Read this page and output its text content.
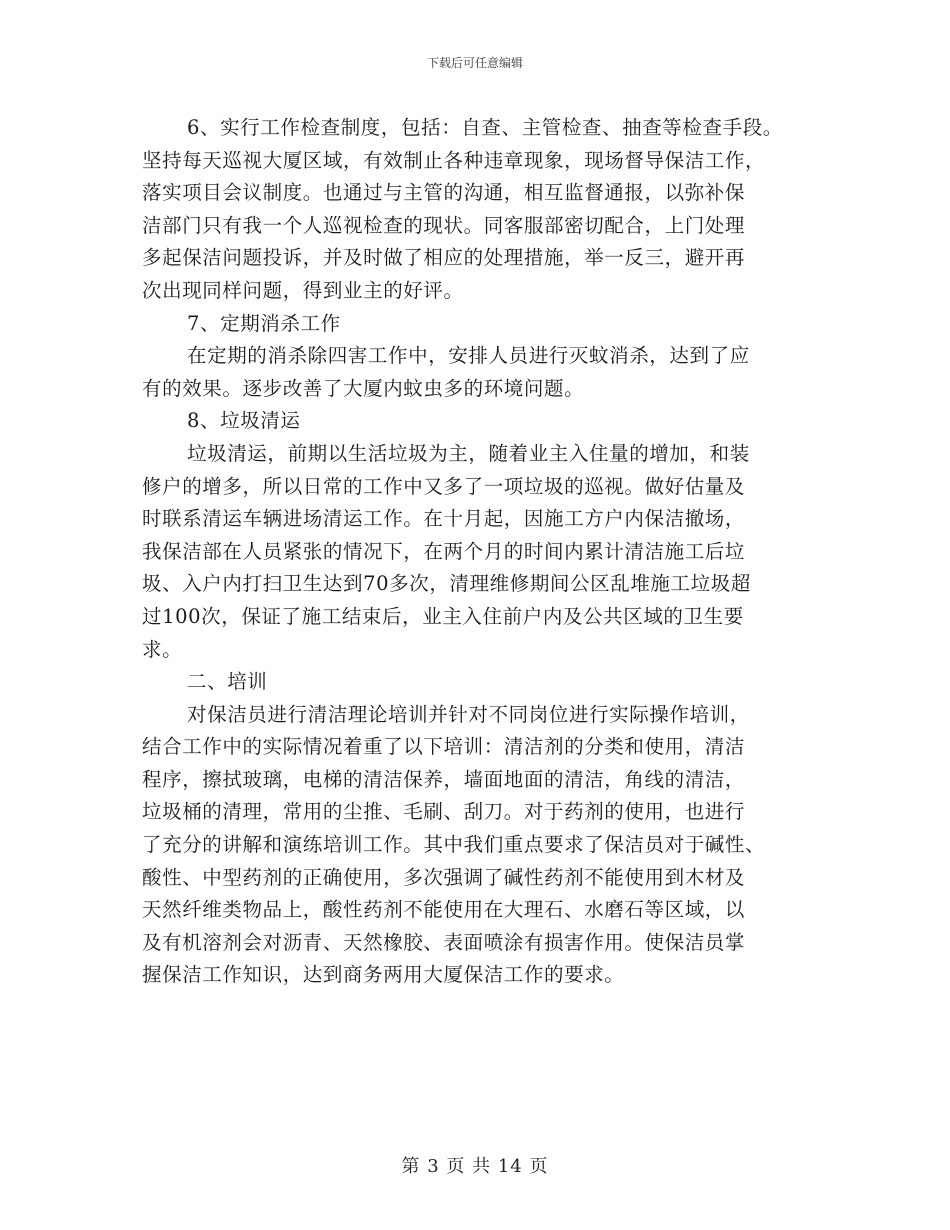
下载后可任意编辑
6、实行工作检查制度，包括：自查、主管检查、抽查等检查手段。
坚持每天巡视大厦区域，有效制止各种违章现象，现场督导保洁工作，
落实项目会议制度。也通过与主管的沟通，相互监督通报，以弥补保
洁部门只有我一个人巡视检查的现状。同客服部密切配合，上门处理
多起保洁问题投诉，并及时做了相应的处理措施，举一反三，避开再
次出现同样问题，得到业主的好评。
7、定期消杀工作
在定期的消杀除四害工作中，安排人员进行灭蚊消杀，达到了应
有的效果。逐步改善了大厦内蚊虫多的环境问题。
8、垃圾清运
垃圾清运，前期以生活垃圾为主，随着业主入住量的增加，和装
修户的增多，所以日常的工作中又多了一项垃圾的巡视。做好估量及
时联系清运车辆进场清运工作。在十月起，因施工方户内保洁撤场，
我保洁部在人员紧张的情况下，在两个月的时间内累计清洁施工后垃
圾、入户内打扫卫生达到70多次，清理维修期间公区乱堆施工垃圾超
过100次，保证了施工结束后，业主入住前户内及公共区域的卫生要
求。
二、培训
对保洁员进行清洁理论培训并针对不同岗位进行实际操作培训，
结合工作中的实际情况着重了以下培训：清洁剂的分类和使用，清洁
程序，擦拭玻璃，电梯的清洁保养，墙面地面的清洁，角线的清洁，
垃圾桶的清理，常用的尘推、毛刷、刮刀。对于药剂的使用，也进行
了充分的讲解和演练培训工作。其中我们重点要求了保洁员对于碱性、
酸性、中型药剂的正确使用，多次强调了碱性药剂不能使用到木材及
天然纤维类物品上，酸性药剂不能使用在大理石、水磨石等区域，以
及有机溶剂会对沥青、天然橡胶、表面喷涂有损害作用。使保洁员掌
握保洁工作知识，达到商务两用大厦保洁工作的要求。
第 3 页 共 14 页
